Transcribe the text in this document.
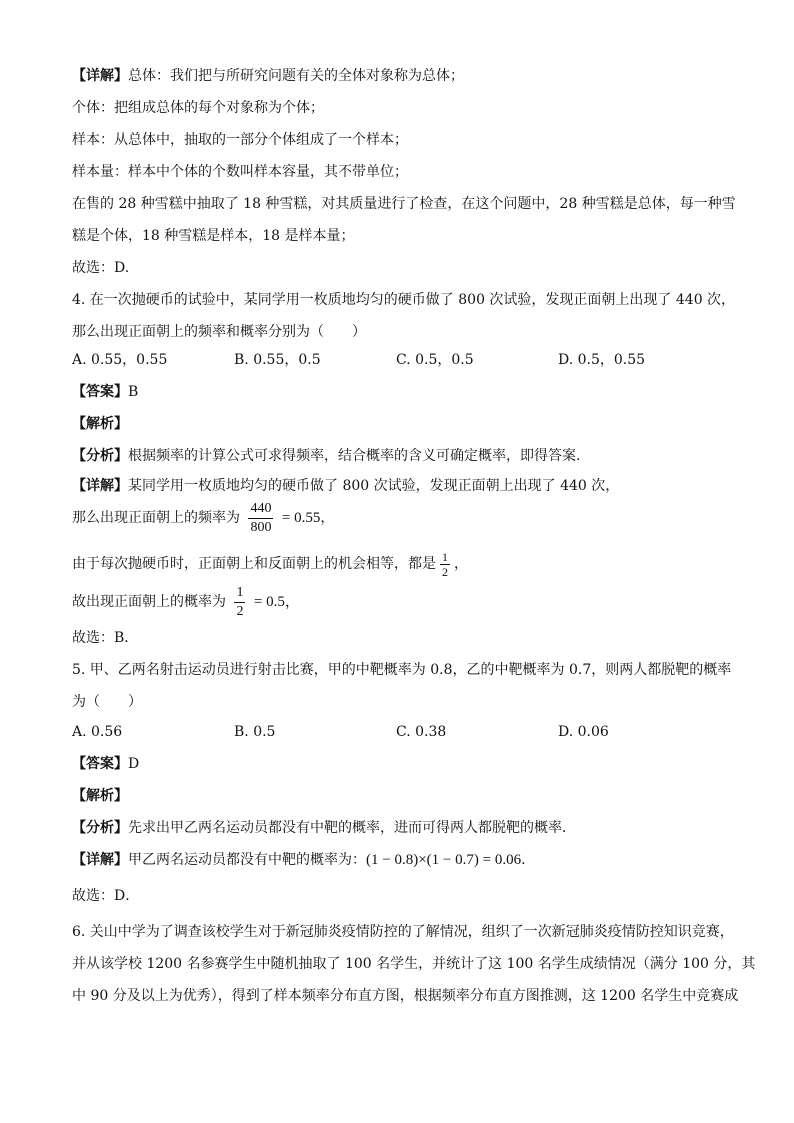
【详解】总体：我们把与所研究问题有关的全体对象称为总体；
个体：把组成总体的每个对象称为个体；
样本：从总体中，抽取的一部分个体组成了一个样本；
样本量：样本中个体的个数叫样本容量，其不带单位；
在售的 28 种雪糕中抽取了 18 种雪糕，对其质量进行了检查，在这个问题中，28 种雪糕是总体，每一种雪
糕是个体，18 种雪糕是样本，18 是样本量；
故选：D.
4. 在一次抛硬币的试验中，某同学用一枚质地均匀的硬币做了 800 次试验，发现正面朝上出现了 440 次，
那么出现正面朝上的频率和概率分别为（　　）
A. 0.55，0.55	B. 0.55，0.5	C. 0.5，0.5	D. 0.5，0.55
【答案】B
【解析】
【分析】根据频率的计算公式可求得频率，结合概率的含义可确定概率，即得答案.
【详解】某同学用一枚质地均匀的硬币做了 800 次试验，发现正面朝上出现了 440 次，
那么出现正面朝上的频率为 $\frac{440}{800} = 0.55$，
由于每次抛硬币时，正面朝上和反面朝上的机会相等，都是 $\frac{1}{2}$ ，
故出现正面朝上的概率为 $\frac{1}{2} = 0.5$，
故选：B．
5. 甲、乙两名射击运动员进行射击比赛，甲的中靶概率为 0.8，乙的中靶概率为 0.7，则两人都脱靶的概率
为（　　）
A. 0.56	B. 0.5	C. 0.38	D. 0.06
【答案】D
【解析】
【分析】先求出甲乙两名运动员都没有中靶的概率，进而可得两人都脱靶的概率．
【详解】甲乙两名运动员都没有中靶的概率为：(1 − 0.8)×(1 − 0.7) = 0.06.
故选：D．
6. 关山中学为了调查该校学生对于新冠肺炎疫情防控的了解情况，组织了一次新冠肺炎疫情防控知识竞赛，
并从该学校 1200 名参赛学生中随机抽取了 100 名学生，并统计了这 100 名学生成绩情况（满分 100 分，其
中 90 分及以上为优秀），得到了样本频率分布直方图，根据频率分布直方图推测，这 1200 名学生中竞赛成
